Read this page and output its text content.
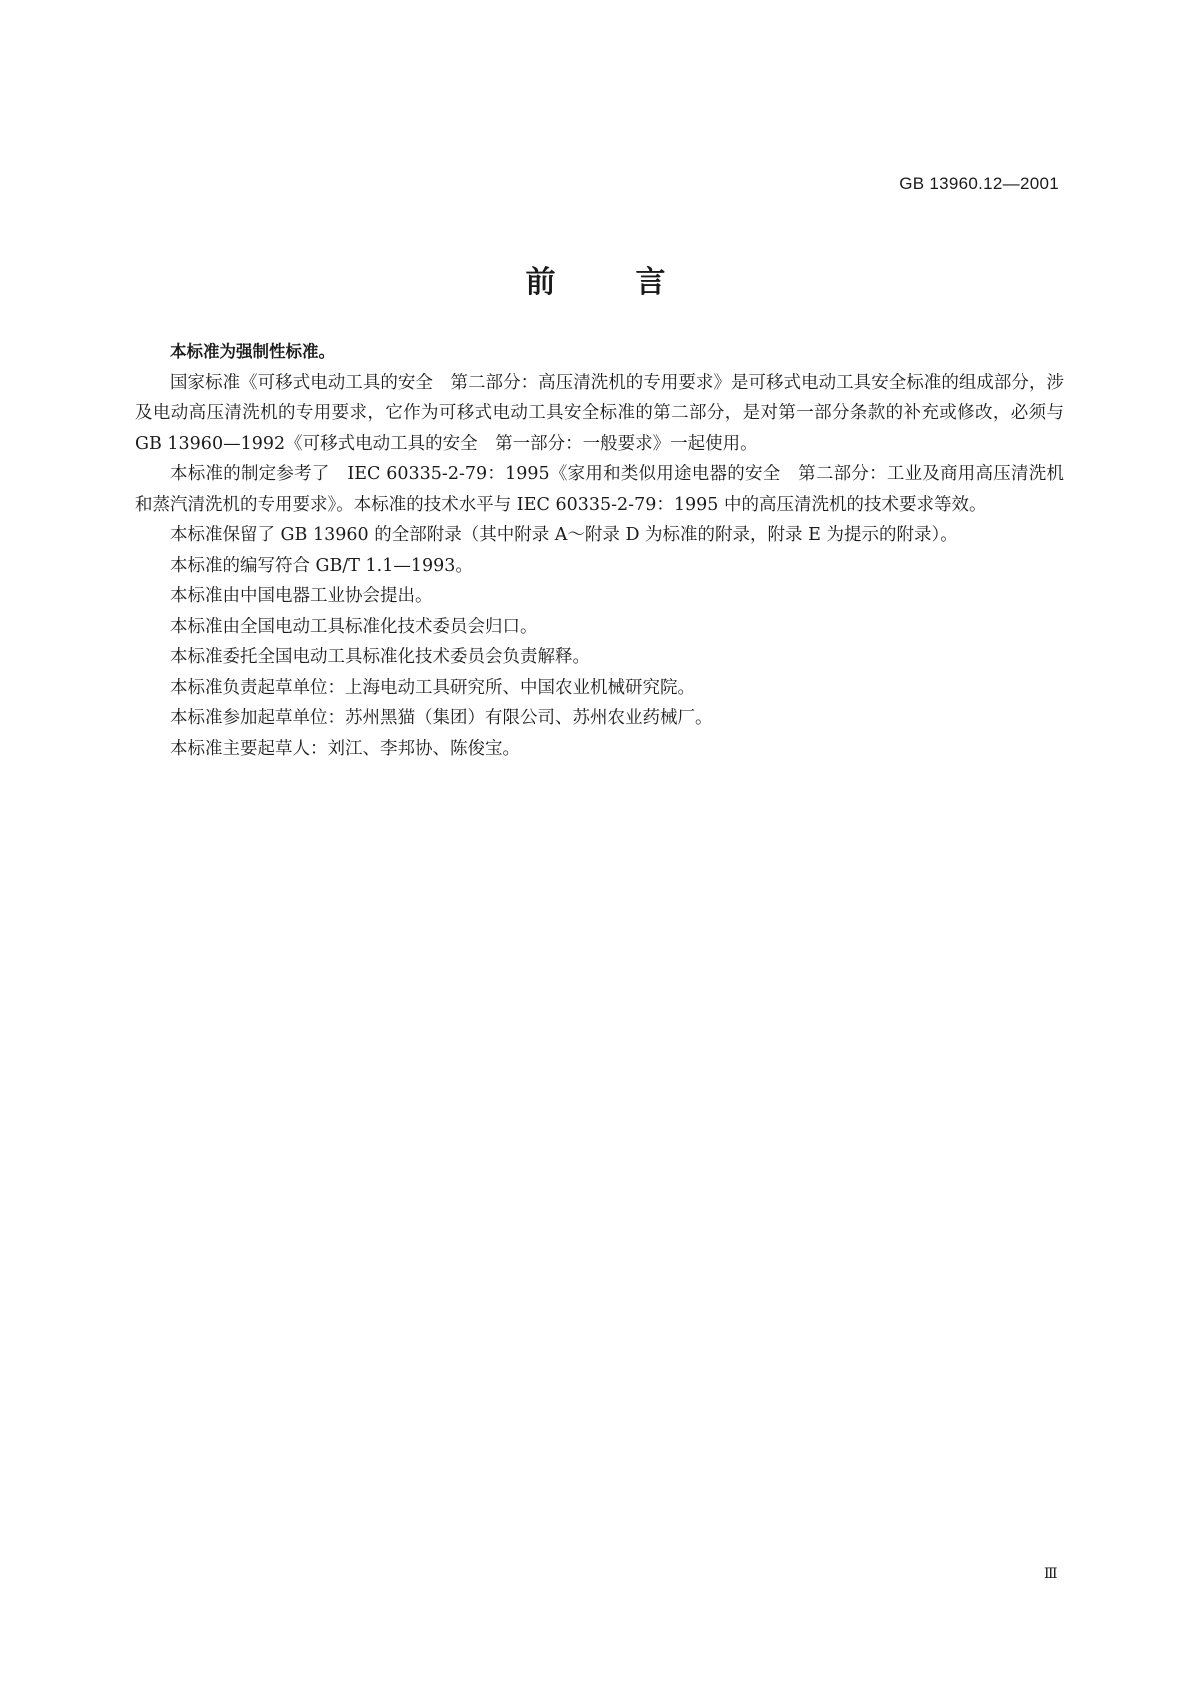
GB 13960.12—2001
前言

本标准为强制性标准。

国家标准《可移式电动工具的安全　第二部分：高压清洗机的专用要求》是可移式电动工具安全标准的组成部分，涉及电动高压清洗机的专用要求，它作为可移式电动工具安全标准的第二部分，是对第一部分条款的补充或修改，必须与 GB 13960—1992《可移式电动工具的安全　第一部分：一般要求》一起使用。

本标准的制定参考了　IEC 60335-2-79：1995《家用和类似用途电器的安全　第二部分：工业及商用高压清洗机和蒸汽清洗机的专用要求》。本标准的技术水平与 IEC 60335-2-79：1995 中的高压清洗机的技术要求等效。

本标准保留了 GB 13960 的全部附录（其中附录 A～附录 D 为标准的附录，附录 E 为提示的附录）。

本标准的编写符合 GB/T 1.1—1993。

本标准由中国电器工业协会提出。

本标准由全国电动工具标准化技术委员会归口。

本标准委托全国电动工具标准化技术委员会负责解释。

本标准负责起草单位：上海电动工具研究所、中国农业机械研究院。

本标准参加起草单位：苏州黑猫（集团）有限公司、苏州农业药械厂。

本标准主要起草人：刘江、李邦协、陈俊宝。

Ⅲ
